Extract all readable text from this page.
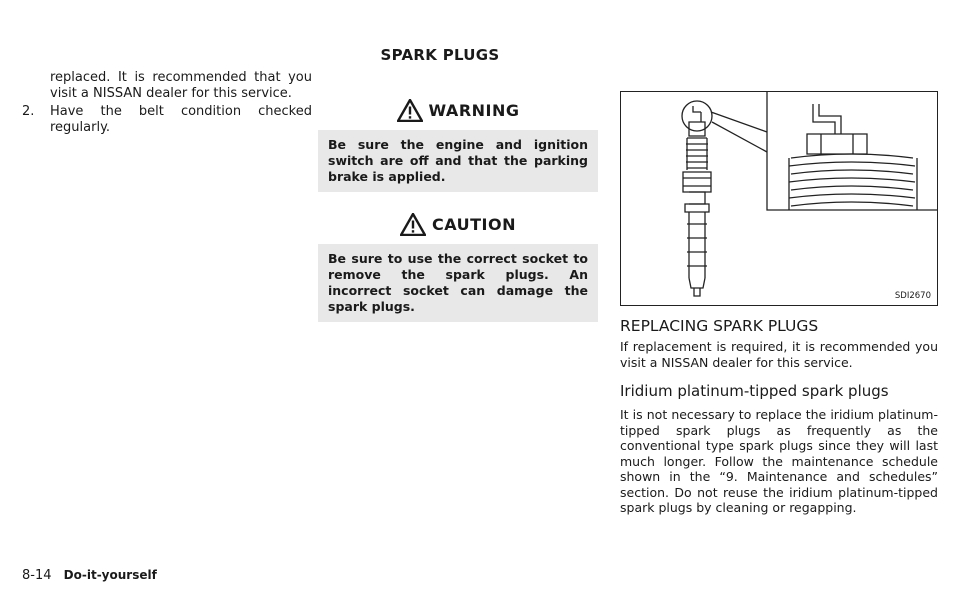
SPARK PLUGS

replaced. It is recommended that you visit a NISSAN dealer for this service.

2.	Have the belt condition checked regularly.
WARNING
Be sure the engine and ignition switch are off and that the parking brake is applied.
CAUTION
Be sure to use the correct socket to remove the spark plugs. An incorrect socket can damage the spark plugs.
SDI2670
REPLACING SPARK PLUGS

If replacement is required, it is recommended you visit a NISSAN dealer for this service.

Iridium platinum-tipped spark plugs

It is not necessary to replace the iridium platinum-tipped spark plugs as frequently as the conventional type spark plugs since they will last much longer. Follow the maintenance schedule shown in the “9. Maintenance and schedules” section. Do not reuse the iridium platinum-tipped spark plugs by cleaning or regapping.

8-14 Do-it-yourself
